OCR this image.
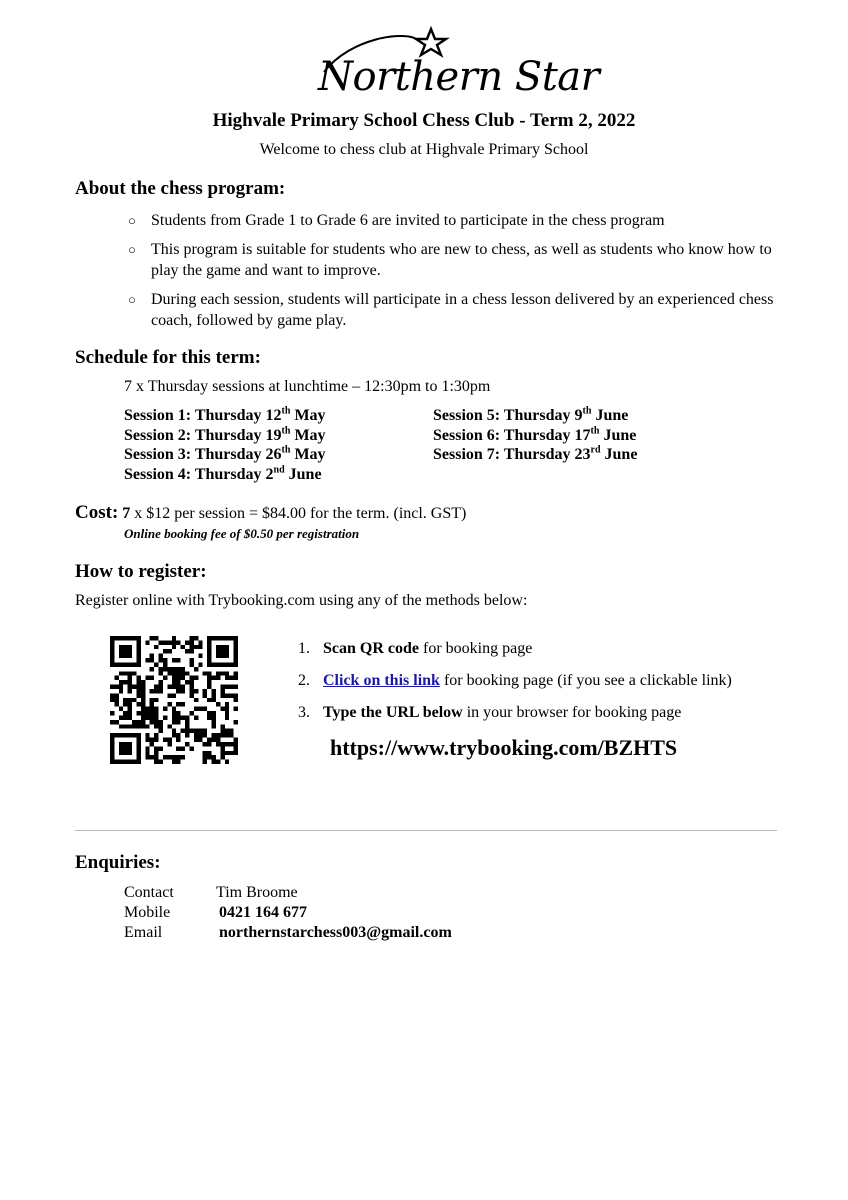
Northern Star
Highvale Primary School Chess Club - Term 2, 2022
Welcome to chess club at Highvale Primary School
About the chess program:
○ Students from Grade 1 to Grade 6 are invited to participate in the chess program
○ This program is suitable for students who are new to chess, as well as students who know how to play the game and want to improve.
○ During each session, students will participate in a chess lesson delivered by an experienced chess coach, followed by game play.
Schedule for this term:
7 x Thursday sessions at lunchtime – 12:30pm to 1:30pm
Session 1: Thursday 12th May
Session 2: Thursday 19th May
Session 3: Thursday 26th May
Session 4: Thursday 2nd June
Session 5: Thursday 9th June
Session 6: Thursday 17th June
Session 7: Thursday 23rd June
Cost: 7 x $12 per session = $84.00 for the term. (incl. GST)
Online booking fee of $0.50 per registration
How to register:
Register online with Trybooking.com using any of the methods below:
1. Scan QR code for booking page
2. Click on this link for booking page (if you see a clickable link)
3. Type the URL below in your browser for booking page
https://www.trybooking.com/BZHTS
Enquiries:
Contact	Tim Broome
Mobile	0421 164 677
Email	northernstarchess003@gmail.com
